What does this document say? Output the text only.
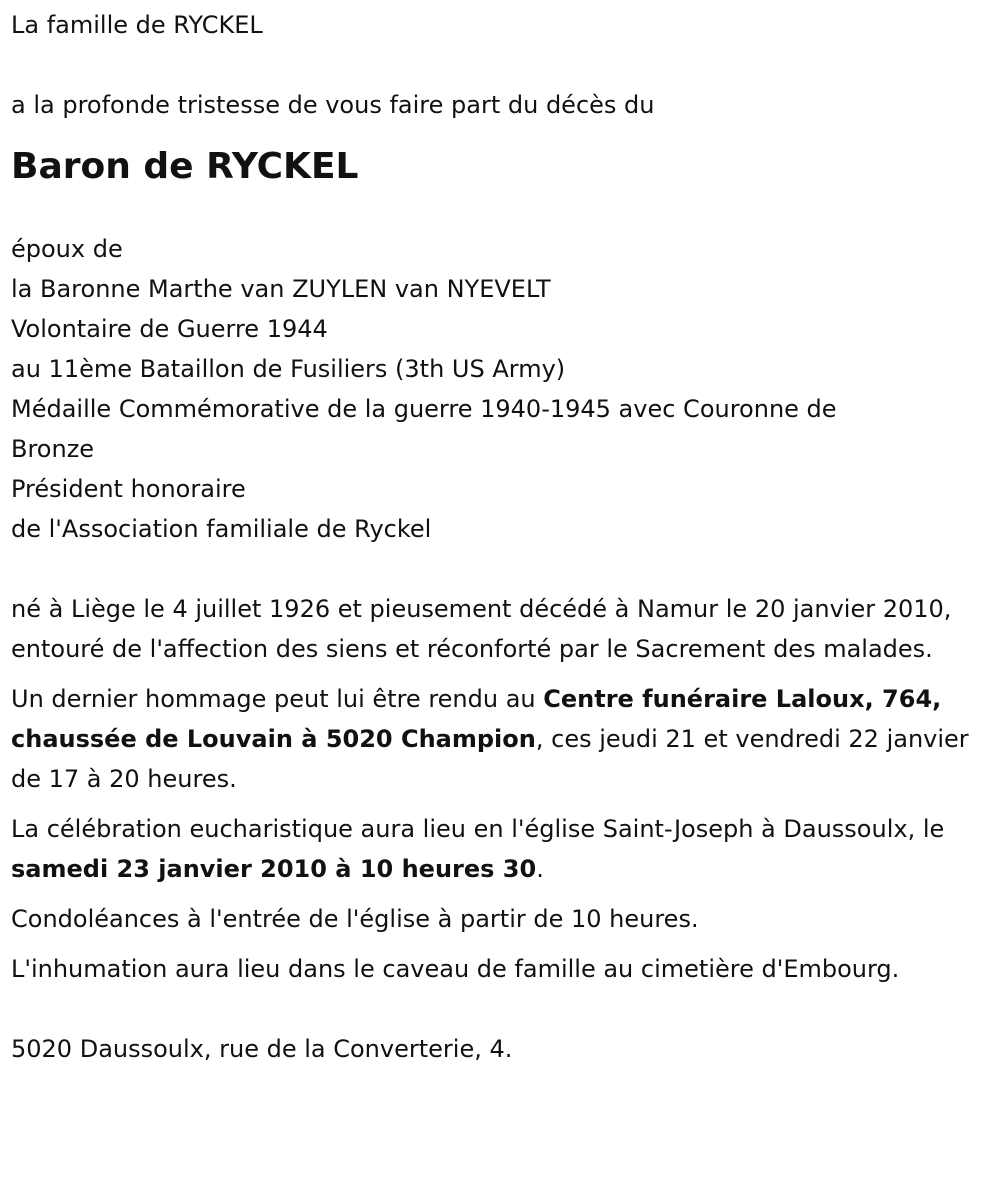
La famille de RYCKEL

a la profonde tristesse de vous faire part du décès du

Baron de RYCKEL

époux de
la Baronne Marthe van ZUYLEN van NYEVELT
Volontaire de Guerre 1944
au 11ème Bataillon de Fusiliers (3th US Army)
Médaille Commémorative de la guerre 1940-1945 avec Couronne de
Bronze
Président honoraire
de l'Association familiale de Ryckel

né à Liège le 4 juillet 1926 et pieusement décédé à Namur le 20 janvier 2010, entouré de l'affection des siens et réconforté par le Sacrement des malades.

Un dernier hommage peut lui être rendu au Centre funéraire Laloux, 764, chaussée de Louvain à 5020 Champion, ces jeudi 21 et vendredi 22 janvier de 17 à 20 heures.

La célébration eucharistique aura lieu en l'église Saint-Joseph à Daussoulx, le samedi 23 janvier 2010 à 10 heures 30.

Condoléances à l'entrée de l'église à partir de 10 heures.

L'inhumation aura lieu dans le caveau de famille au cimetière d'Embourg.

5020 Daussoulx, rue de la Converterie, 4.
